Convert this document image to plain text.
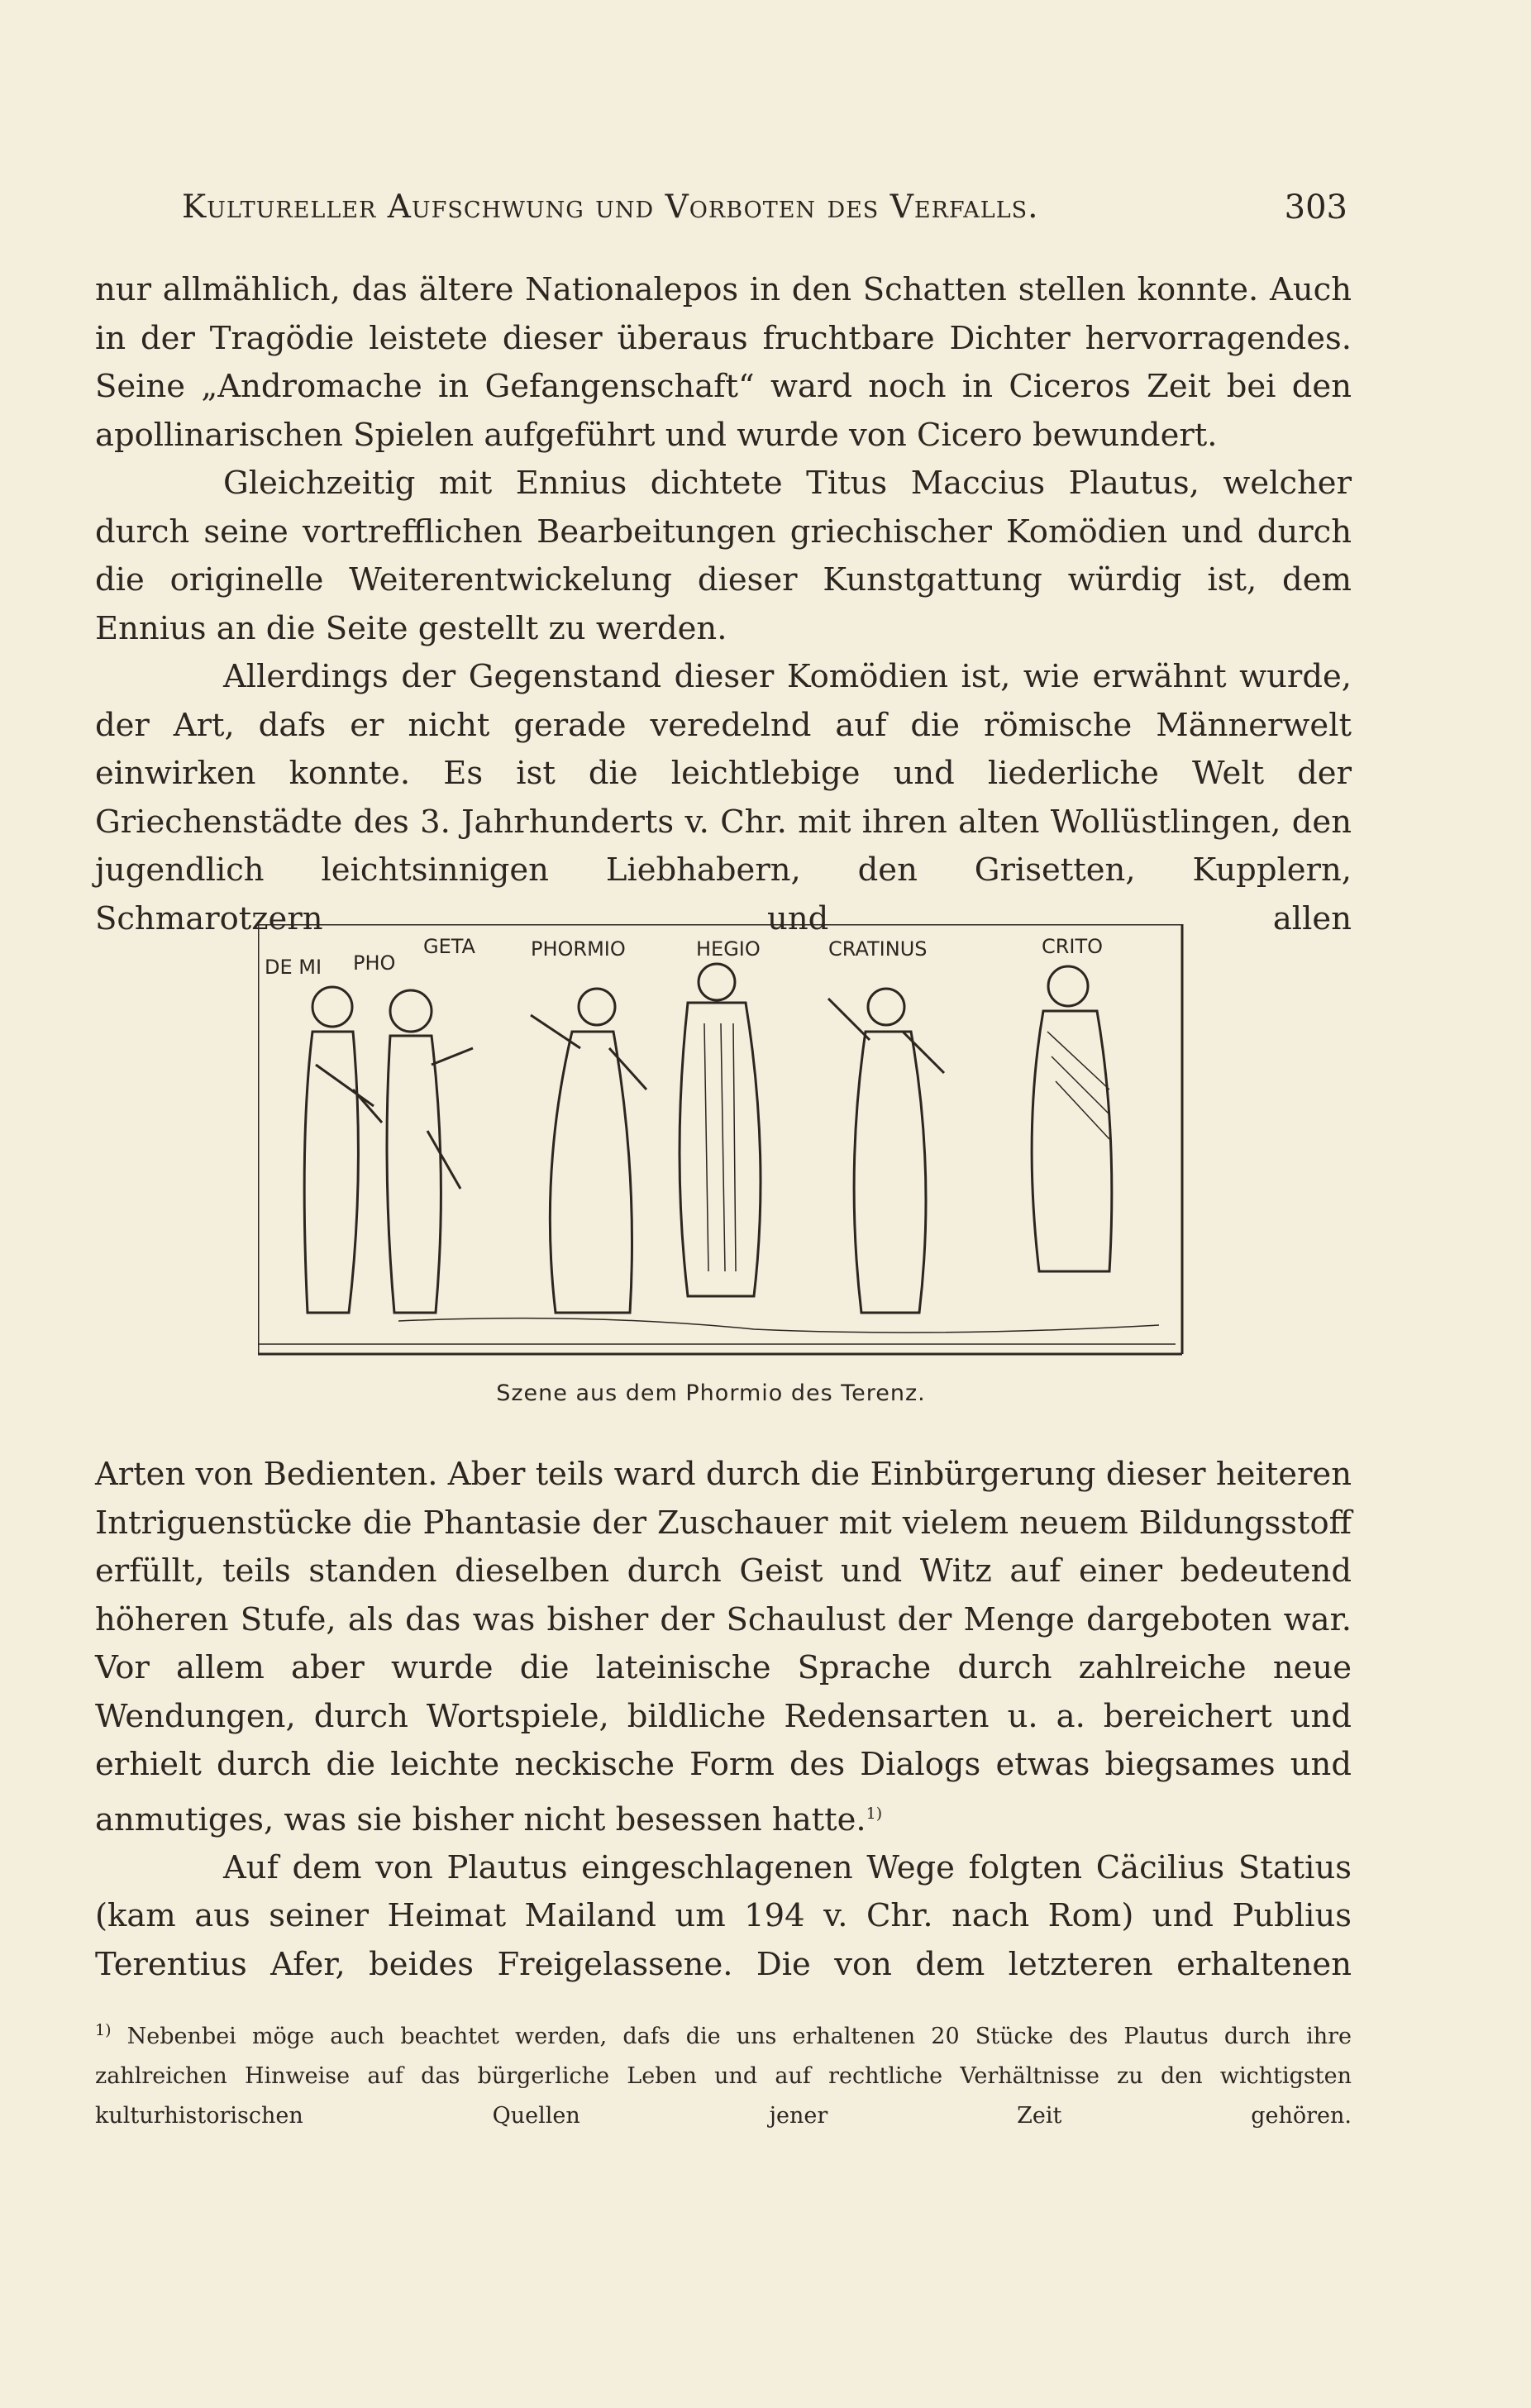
Kultureller Aufschwung und Vorboten des Verfalls.	303

nur allmählich, das ältere Nationalepos in den Schatten stellen konnte. Auch in der Tragödie leistete dieser überaus fruchtbare Dichter hervorragendes. Seine „Andromache in Gefangenschaft“ ward noch in Ciceros Zeit bei den apollinarischen Spielen aufgeführt und wurde von Cicero bewundert.

Gleichzeitig mit Ennius dichtete Titus Maccius Plautus, welcher durch seine vortrefflichen Bearbeitungen griechischer Komödien und durch die originelle Weiterentwickelung dieser Kunstgattung würdig ist, dem Ennius an die Seite gestellt zu werden.

Allerdings der Gegenstand dieser Komödien ist, wie erwähnt wurde, der Art, dafs er nicht gerade veredelnd auf die römische Männerwelt einwirken konnte. Es ist die leichtlebige und liederliche Welt der Griechenstädte des 3. Jahrhunderts v. Chr. mit ihren alten Wollüstlingen, den jugendlich leichtsinnigen Liebhabern, den Grisetten, Kupplern, Schmarotzern und allen

DE MI PHO
GETA	PHORMIO	HEGIO	CRATINUS	CRITO
Szene aus dem Phormio des Terenz.

Arten von Bedienten. Aber teils ward durch die Einbürgerung dieser heiteren Intriguenstücke die Phantasie der Zuschauer mit vielem neuem Bildungsstoff erfüllt, teils standen dieselben durch Geist und Witz auf einer bedeutend höheren Stufe, als das was bisher der Schaulust der Menge dargeboten war. Vor allem aber wurde die lateinische Sprache durch zahlreiche neue Wendungen, durch Wortspiele, bildliche Redensarten u. a. bereichert und erhielt durch die leichte neckische Form des Dialogs etwas biegsames und anmutiges, was sie bisher nicht besessen hatte.$^{1)}$

Auf dem von Plautus eingeschlagenen Wege folgten Cäcilius Statius (kam aus seiner Heimat Mailand um 194 v. Chr. nach Rom) und Publius Terentius Afer, beides Freigelassene. Die von dem letzteren erhaltenen

$^{1)}$ Nebenbei möge auch beachtet werden, dafs die uns erhaltenen 20 Stücke des Plautus durch ihre zahlreichen Hinweise auf das bürgerliche Leben und auf rechtliche Verhältnisse zu den wichtigsten kulturhistorischen Quellen jener Zeit gehören.
